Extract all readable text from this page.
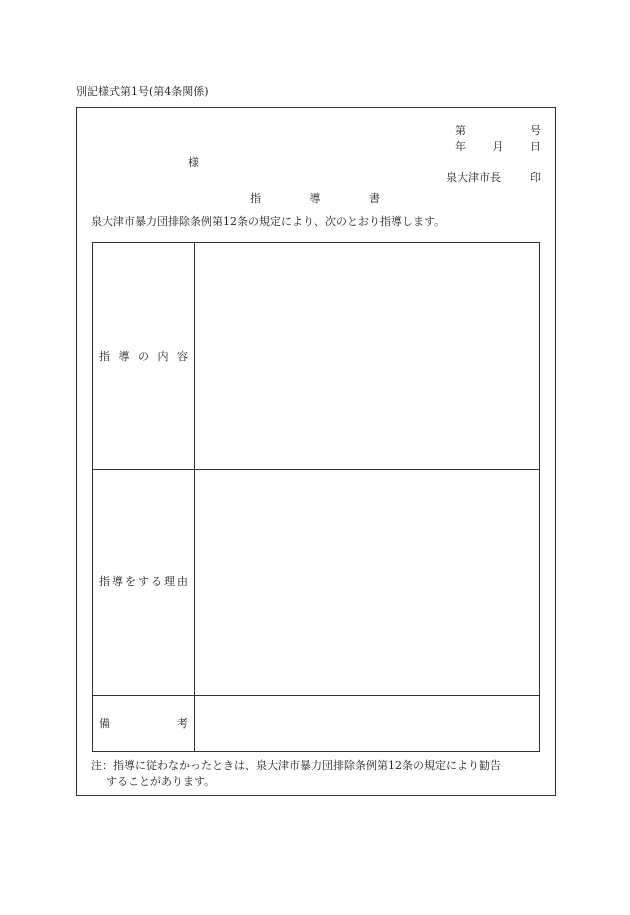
別記様式第1号(第4条関係)
第	号
年 月 日
様
泉大津市長	印
指	導	書
泉大津市暴力団排除条例第12条の規定により、次のとおり指導します。
指 導 の 内 容
指 導 を す る 理 由
備	考
注：指導に従わなかったときは、泉大津市暴力団排除条例第12条の規定により勧告
することがあります。
